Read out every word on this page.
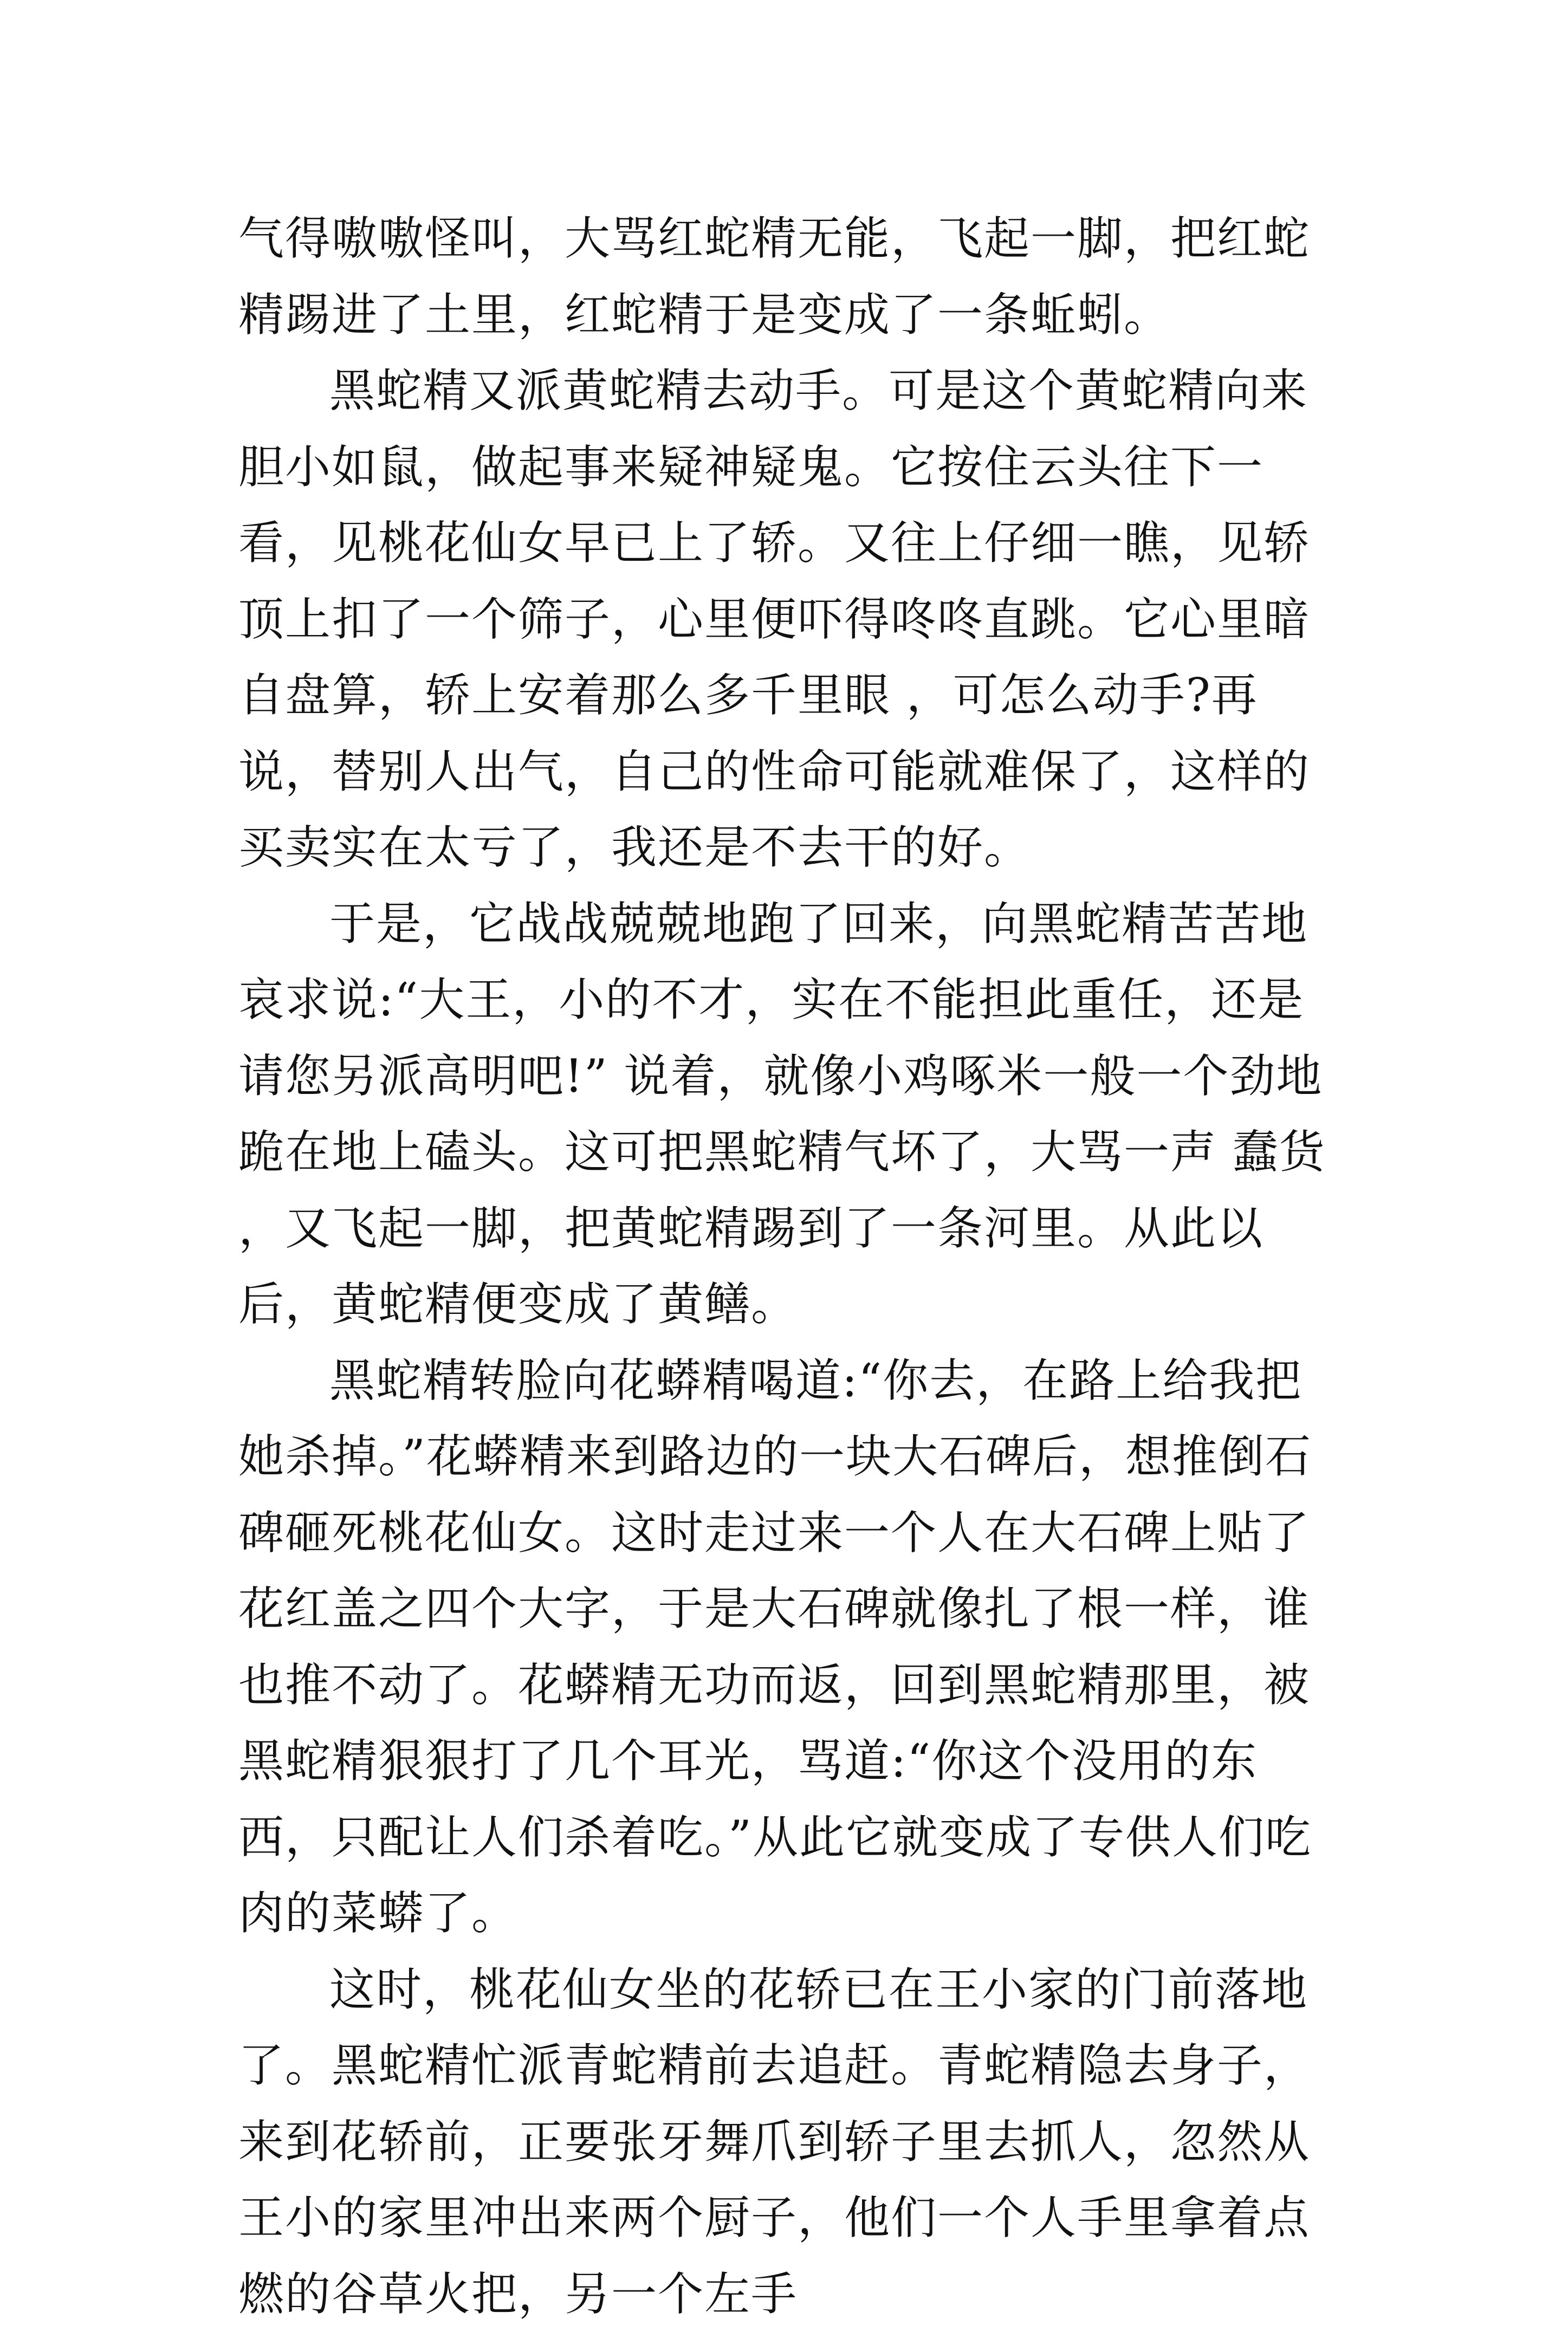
气得嗷嗷怪叫，大骂红蛇精无能，飞起一脚，把红蛇精踢进了土里，红蛇精于是变成了一条蚯蚓。

黑蛇精又派黄蛇精去动手。可是这个黄蛇精向来胆小如鼠，做起事来疑神疑鬼。它按住云头往下一看，见桃花仙女早已上了轿。又往上仔细一瞧，见轿顶上扣了一个筛子，心里便吓得咚咚直跳。它心里暗自盘算，轿上安着那么多千里眼 ，可怎么动手?再说，替别人出气，自己的性命可能就难保了，这样的买卖实在太亏了，我还是不去干的好。

于是，它战战兢兢地跑了回来，向黑蛇精苦苦地哀求说:“大王，小的不才，实在不能担此重任，还是请您另派高明吧!” 说着，就像小鸡啄米一般一个劲地跪在地上磕头。这可把黑蛇精气坏了，大骂一声 蠢货 ，又飞起一脚，把黄蛇精踢到了一条河里。从此以后，黄蛇精便变成了黄鳝。

黑蛇精转脸向花蟒精喝道:“你去，在路上给我把她杀掉。”花蟒精来到路边的一块大石碑后，想推倒石碑砸死桃花仙女。这时走过来一个人在大石碑上贴了 花红盖之四个大字，于是大石碑就像扎了根一样，谁也推不动了。花蟒精无功而返，回到黑蛇精那里，被黑蛇精狠狠打了几个耳光，骂道:“你这个没用的东西，只配让人们杀着吃。”从此它就变成了专供人们吃肉的菜蟒了。

这时，桃花仙女坐的花轿已在王小家的门前落地了。黑蛇精忙派青蛇精前去追赶。青蛇精隐去身子，来到花轿前，正要张牙舞爪到轿子里去抓人，忽然从王小的家里冲出来两个厨子，他们一个人手里拿着点燃的谷草火把，另一个左手
